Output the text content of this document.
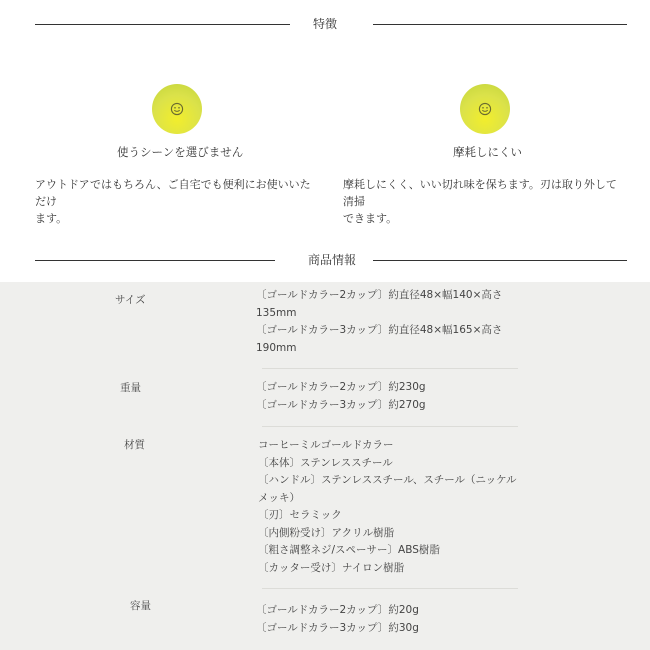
特徴
使うシーンを選びません
アウトドアではもちろん、ご自宅でも便利にお使いいただけ
ます。
摩耗しにくい
摩耗しにくく、いい切れ味を保ちます。刃は取り外して清掃
できます。
商品情報
サイズ	〔ゴールドカラー2カップ〕約直径48×幅140×高さ
135mm
〔ゴールドカラー3カップ〕約直径48×幅165×高さ
190mm
重量	〔ゴールドカラー2カップ〕約230g
〔ゴールドカラー3カップ〕約270g
材質	コーヒーミルゴールドカラー
〔本体〕ステンレススチール
〔ハンドル〕ステンレススチール、スチール（ニッケル
メッキ）
〔刃〕セラミック
〔内側粉受け〕アクリル樹脂
〔粗さ調整ネジ/スペーサー〕ABS樹脂
〔カッター受け〕ナイロン樹脂
容量	〔ゴールドカラー2カップ〕約20g
〔ゴールドカラー3カップ〕約30g
